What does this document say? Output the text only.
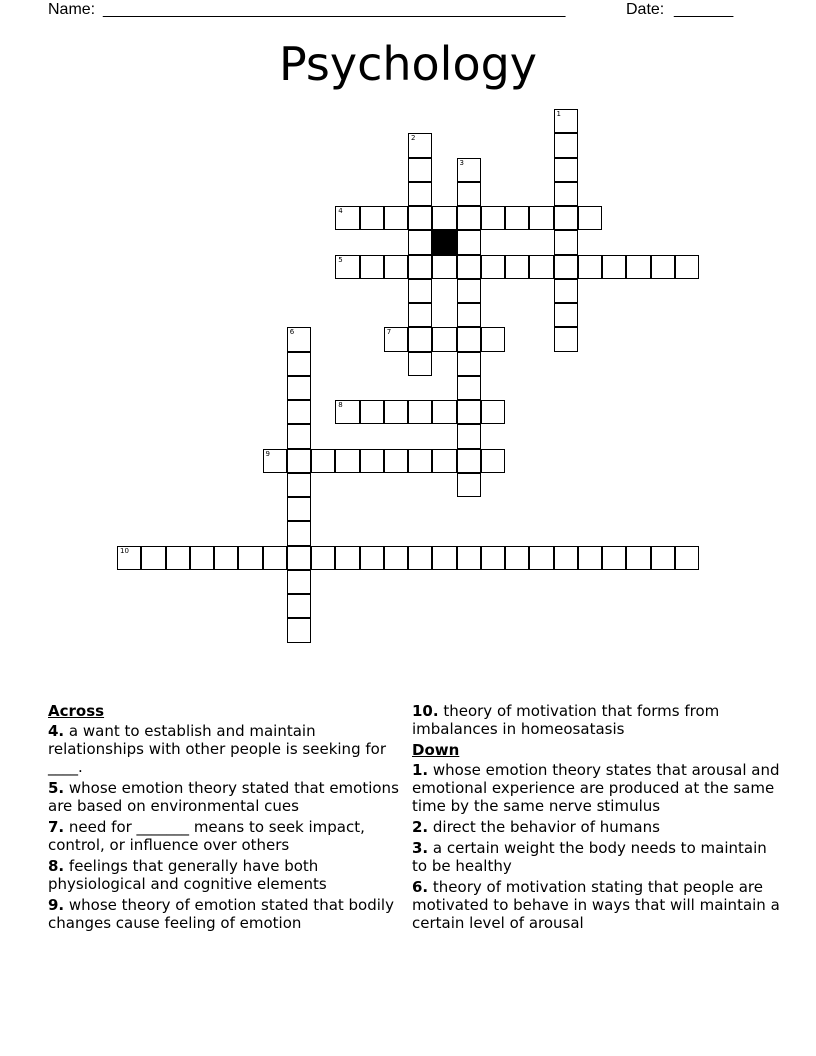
Name: _______________________________________________________	Date: _______
Psychology
1
2
3
4
5
6	7
8
9
10
Across
4. a want to establish and maintain relationships with other people is seeking for ____.
5. whose emotion theory stated that emotions are based on environmental cues
7. need for _______ means to seek impact, control, or influence over others
8. feelings that generally have both physiological and cognitive elements
9. whose theory of emotion stated that bodily changes cause feeling of emotion
10. theory of motivation that forms from imbalances in homeosatasis
Down
1. whose emotion theory states that arousal and emotional experience are produced at the same time by the same nerve stimulus
2. direct the behavior of humans
3. a certain weight the body needs to maintain to be healthy
6. theory of motivation stating that people are motivated to behave in ways that will maintain a certain level of arousal
